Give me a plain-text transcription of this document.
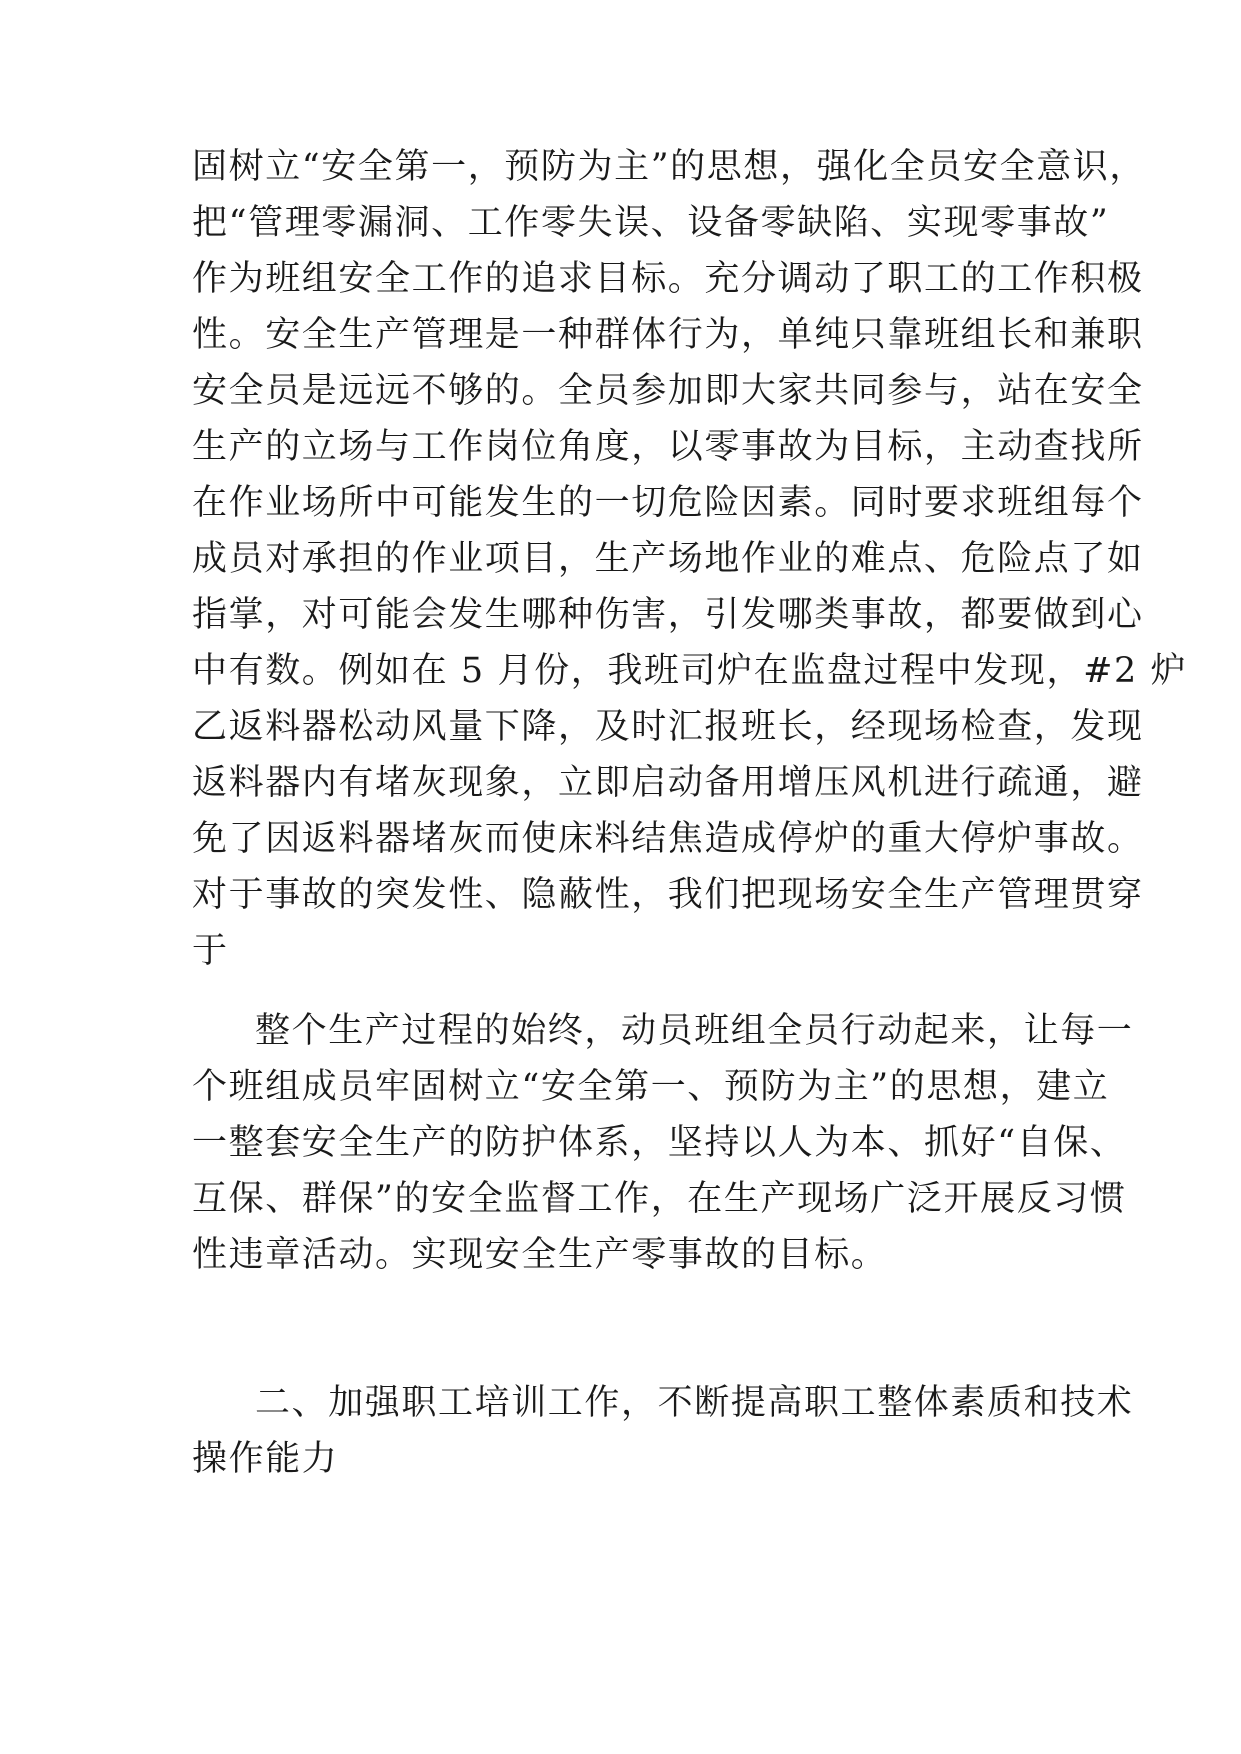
固树立“安全第一，预防为主”的思想，强化全员安全意识，
把“管理零漏洞、工作零失误、设备零缺陷、实现零事故”
作为班组安全工作的追求目标。充分调动了职工的工作积极
性。安全生产管理是一种群体行为，单纯只靠班组长和兼职
安全员是远远不够的。全员参加即大家共同参与，站在安全
生产的立场与工作岗位角度，以零事故为目标，主动查找所
在作业场所中可能发生的一切危险因素。同时要求班组每个
成员对承担的作业项目，生产场地作业的难点、危险点了如
指掌，对可能会发生哪种伤害，引发哪类事故，都要做到心
中有数。例如在 5 月份，我班司炉在监盘过程中发现，#2 炉
乙返料器松动风量下降，及时汇报班长，经现场检查，发现
返料器内有堵灰现象，立即启动备用增压风机进行疏通，避
免了因返料器堵灰而使床料结焦造成停炉的重大停炉事故。
对于事故的突发性、隐蔽性，我们把现场安全生产管理贯穿
于
整个生产过程的始终，动员班组全员行动起来，让每一
个班组成员牢固树立“安全第一、预防为主”的思想，建立
一整套安全生产的防护体系，坚持以人为本、抓好“自保、
互保、群保”的安全监督工作，在生产现场广泛开展反习惯
性违章活动。实现安全生产零事故的目标。
二、加强职工培训工作，不断提高职工整体素质和技术
操作能力
